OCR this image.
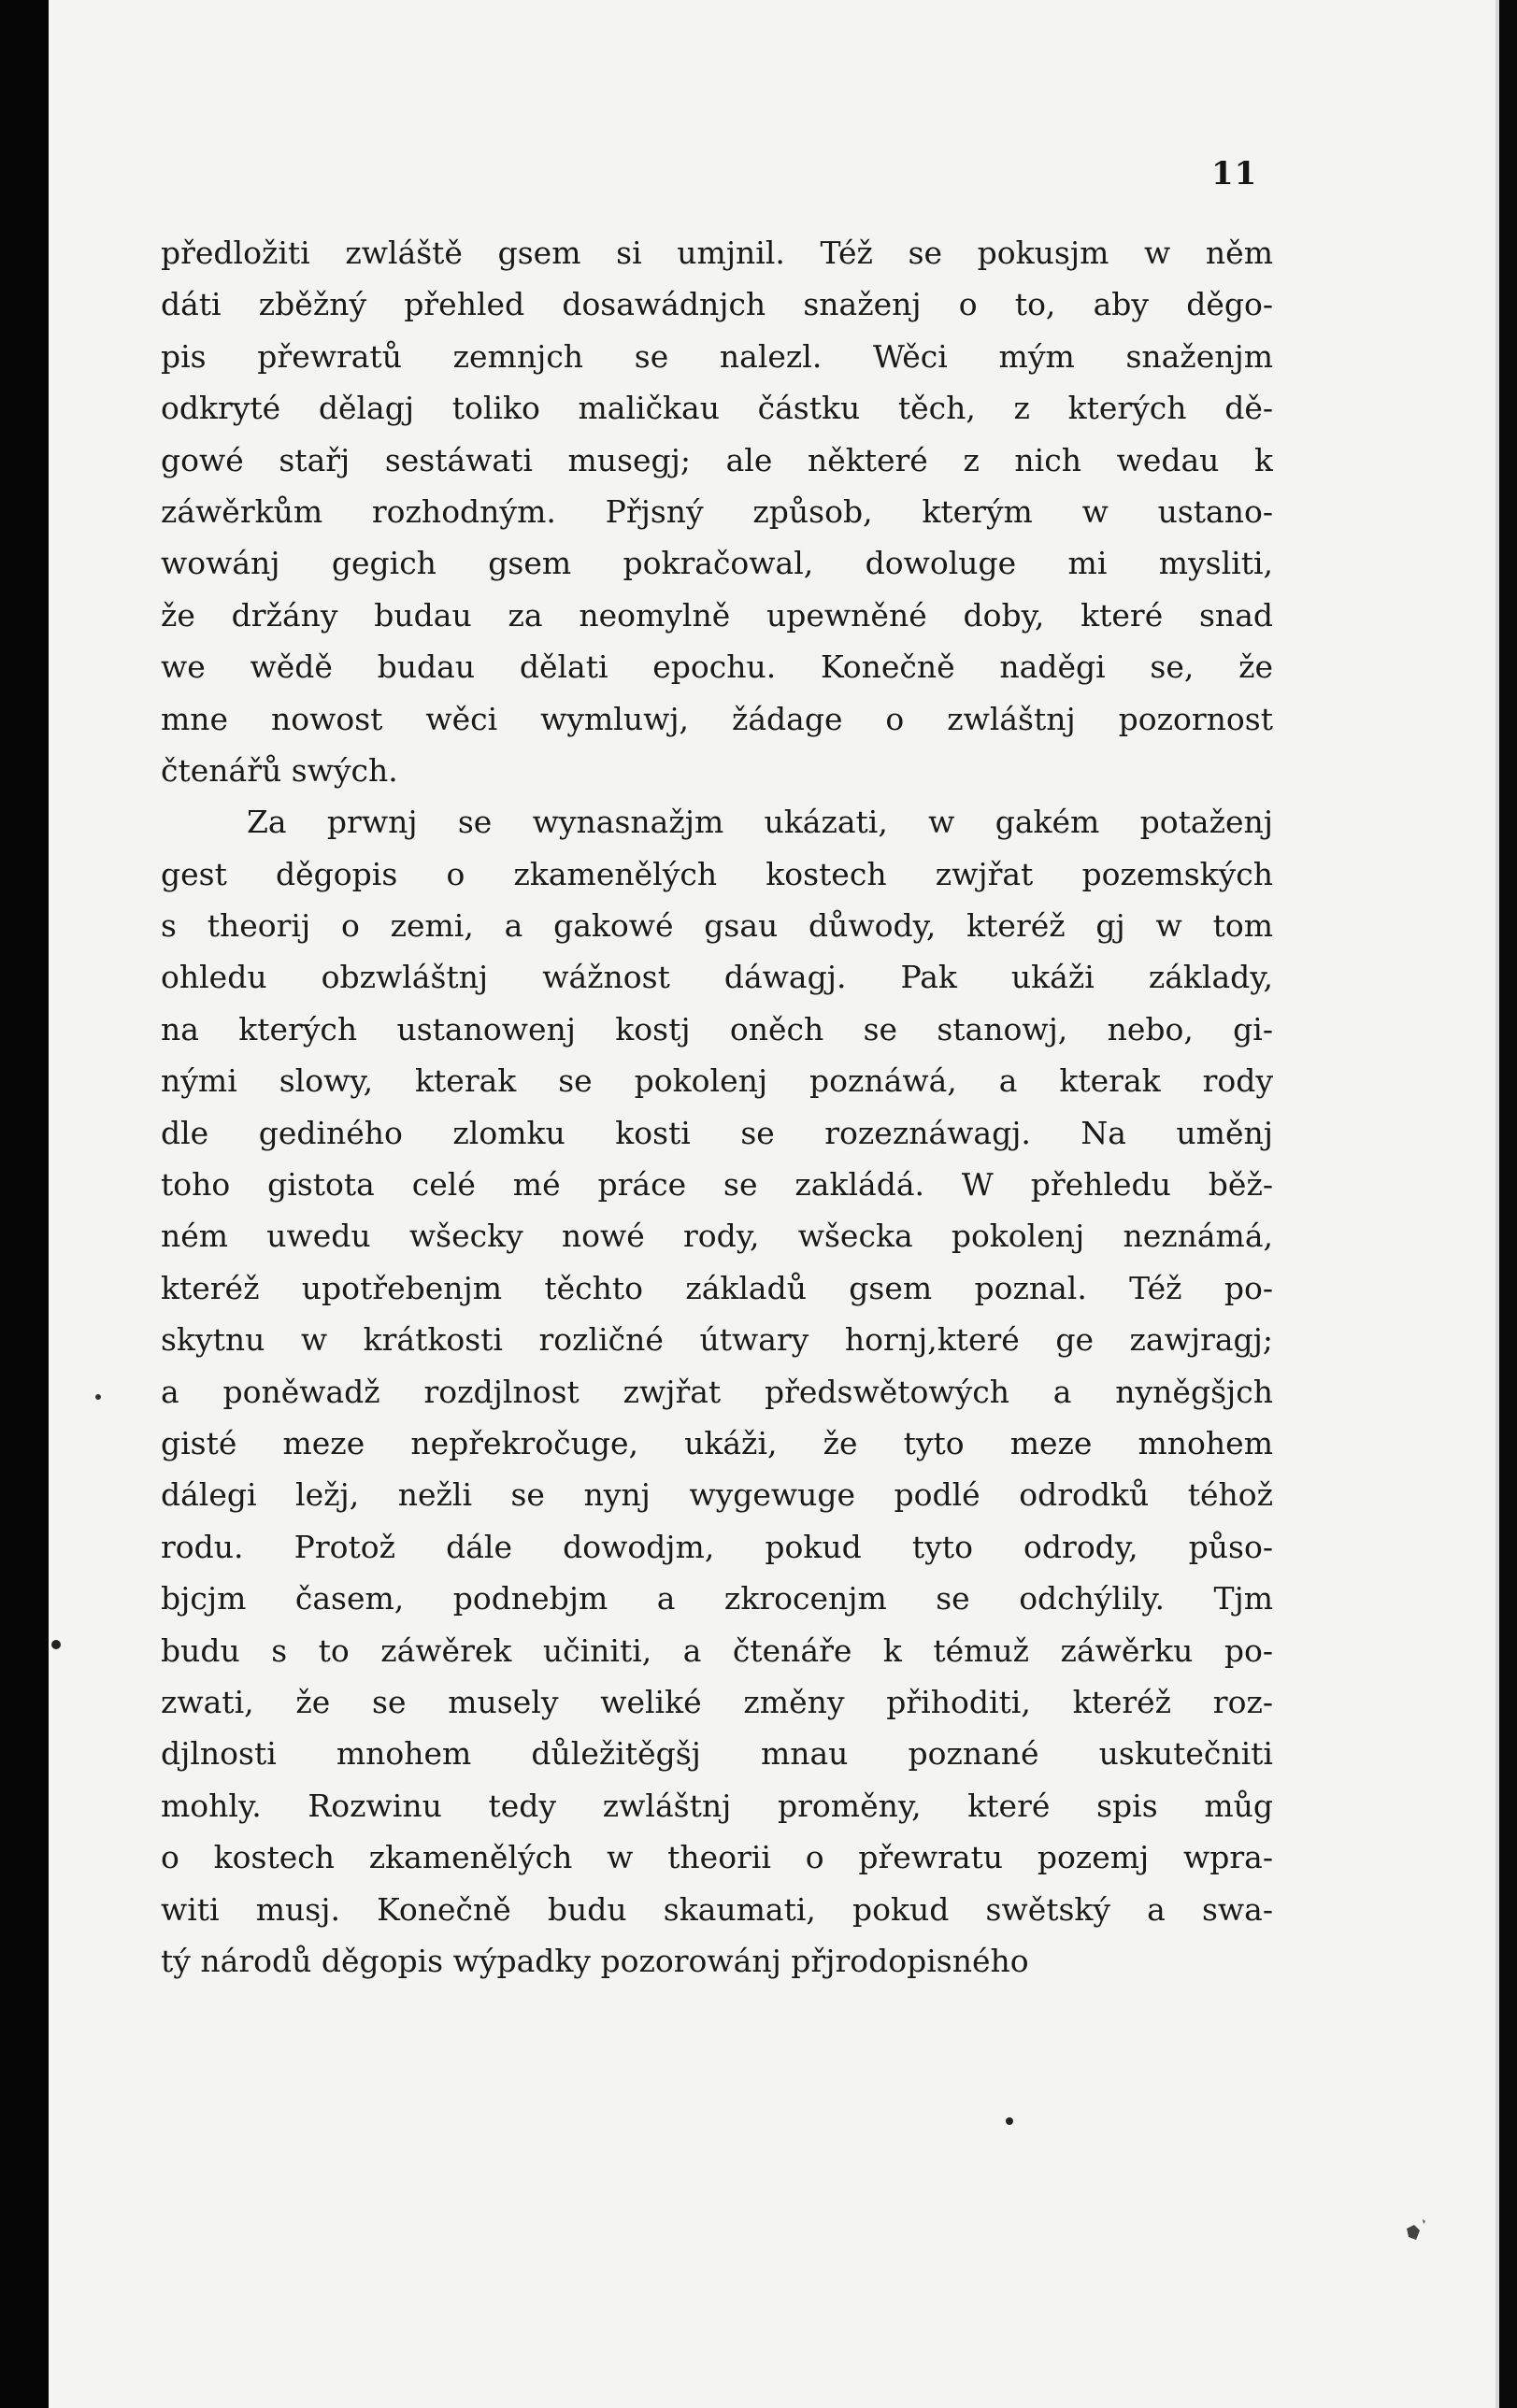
11
předložiti zwláště gsem si umjnil. Též se pokusjm w něm
dáti zběžný přehled dosawádnjch snaženj o to, aby děgo-
pis přewratů zemnjch se nalezl. Wěci mým snaženjm
odkryté dělagj toliko maličkau částku těch, z kterých dě-
gowé stařj sestáwati musegj; ale některé z nich wedau k
záwěrkům rozhodným. Přjsný způsob, kterým w ustano-
wowánj gegich gsem pokračowal, dowoluge mi mysliti,
že držány budau za neomylně upewněné doby, které snad
we wědě budau dělati epochu. Konečně naděgi se, že
mne nowost wěci wymluwj, žádage o zwláštnj pozornost
čtenářů swých.
Za prwnj se wynasnažjm ukázati, w gakém potaženj
gest děgopis o zkamenělých kostech zwjřat pozemských
s theorij o zemi, a gakowé gsau důwody, kteréž gj w tom
ohledu obzwláštnj wážnost dáwagj. Pak ukáži základy,
na kterých ustanowenj kostj oněch se stanowj, nebo, gi-
nými slowy, kterak se pokolenj poznáwá, a kterak rody
dle gediného zlomku kosti se rozeznáwagj. Na uměnj
toho gistota celé mé práce se zakládá. W přehledu běž-
ném uwedu wšecky nowé rody, wšecka pokolenj neznámá,
kteréž upotřebenjm těchto základů gsem poznal. Též po-
skytnu w krátkosti rozličné útwary hornj,které ge zawjragj;
a poněwadž rozdjlnost zwjřat předswětowých a nyněgšjch
gisté meze nepřekročuge, ukáži, že tyto meze mnohem
dálegi ležj, nežli se nynj wygewuge podlé odrodků téhož
rodu. Protož dále dowodjm, pokud tyto odrody, půso-
bjcjm časem, podnebjm a zkrocenjm se odchýlily. Tjm
budu s to záwěrek učiniti, a čtenáře k témuž záwěrku po-
zwati, že se musely weliké změny přihoditi, kteréž roz-
djlnosti mnohem důležitěgšj mnau poznané uskutečniti
mohly. Rozwinu tedy zwláštnj proměny, které spis můg
o kostech zkamenělých w theorii o přewratu pozemj wpra-
witi musj. Konečně budu skaumati, pokud swětský a swa-
tý národů děgopis wýpadky pozorowánj přjrodopisného
